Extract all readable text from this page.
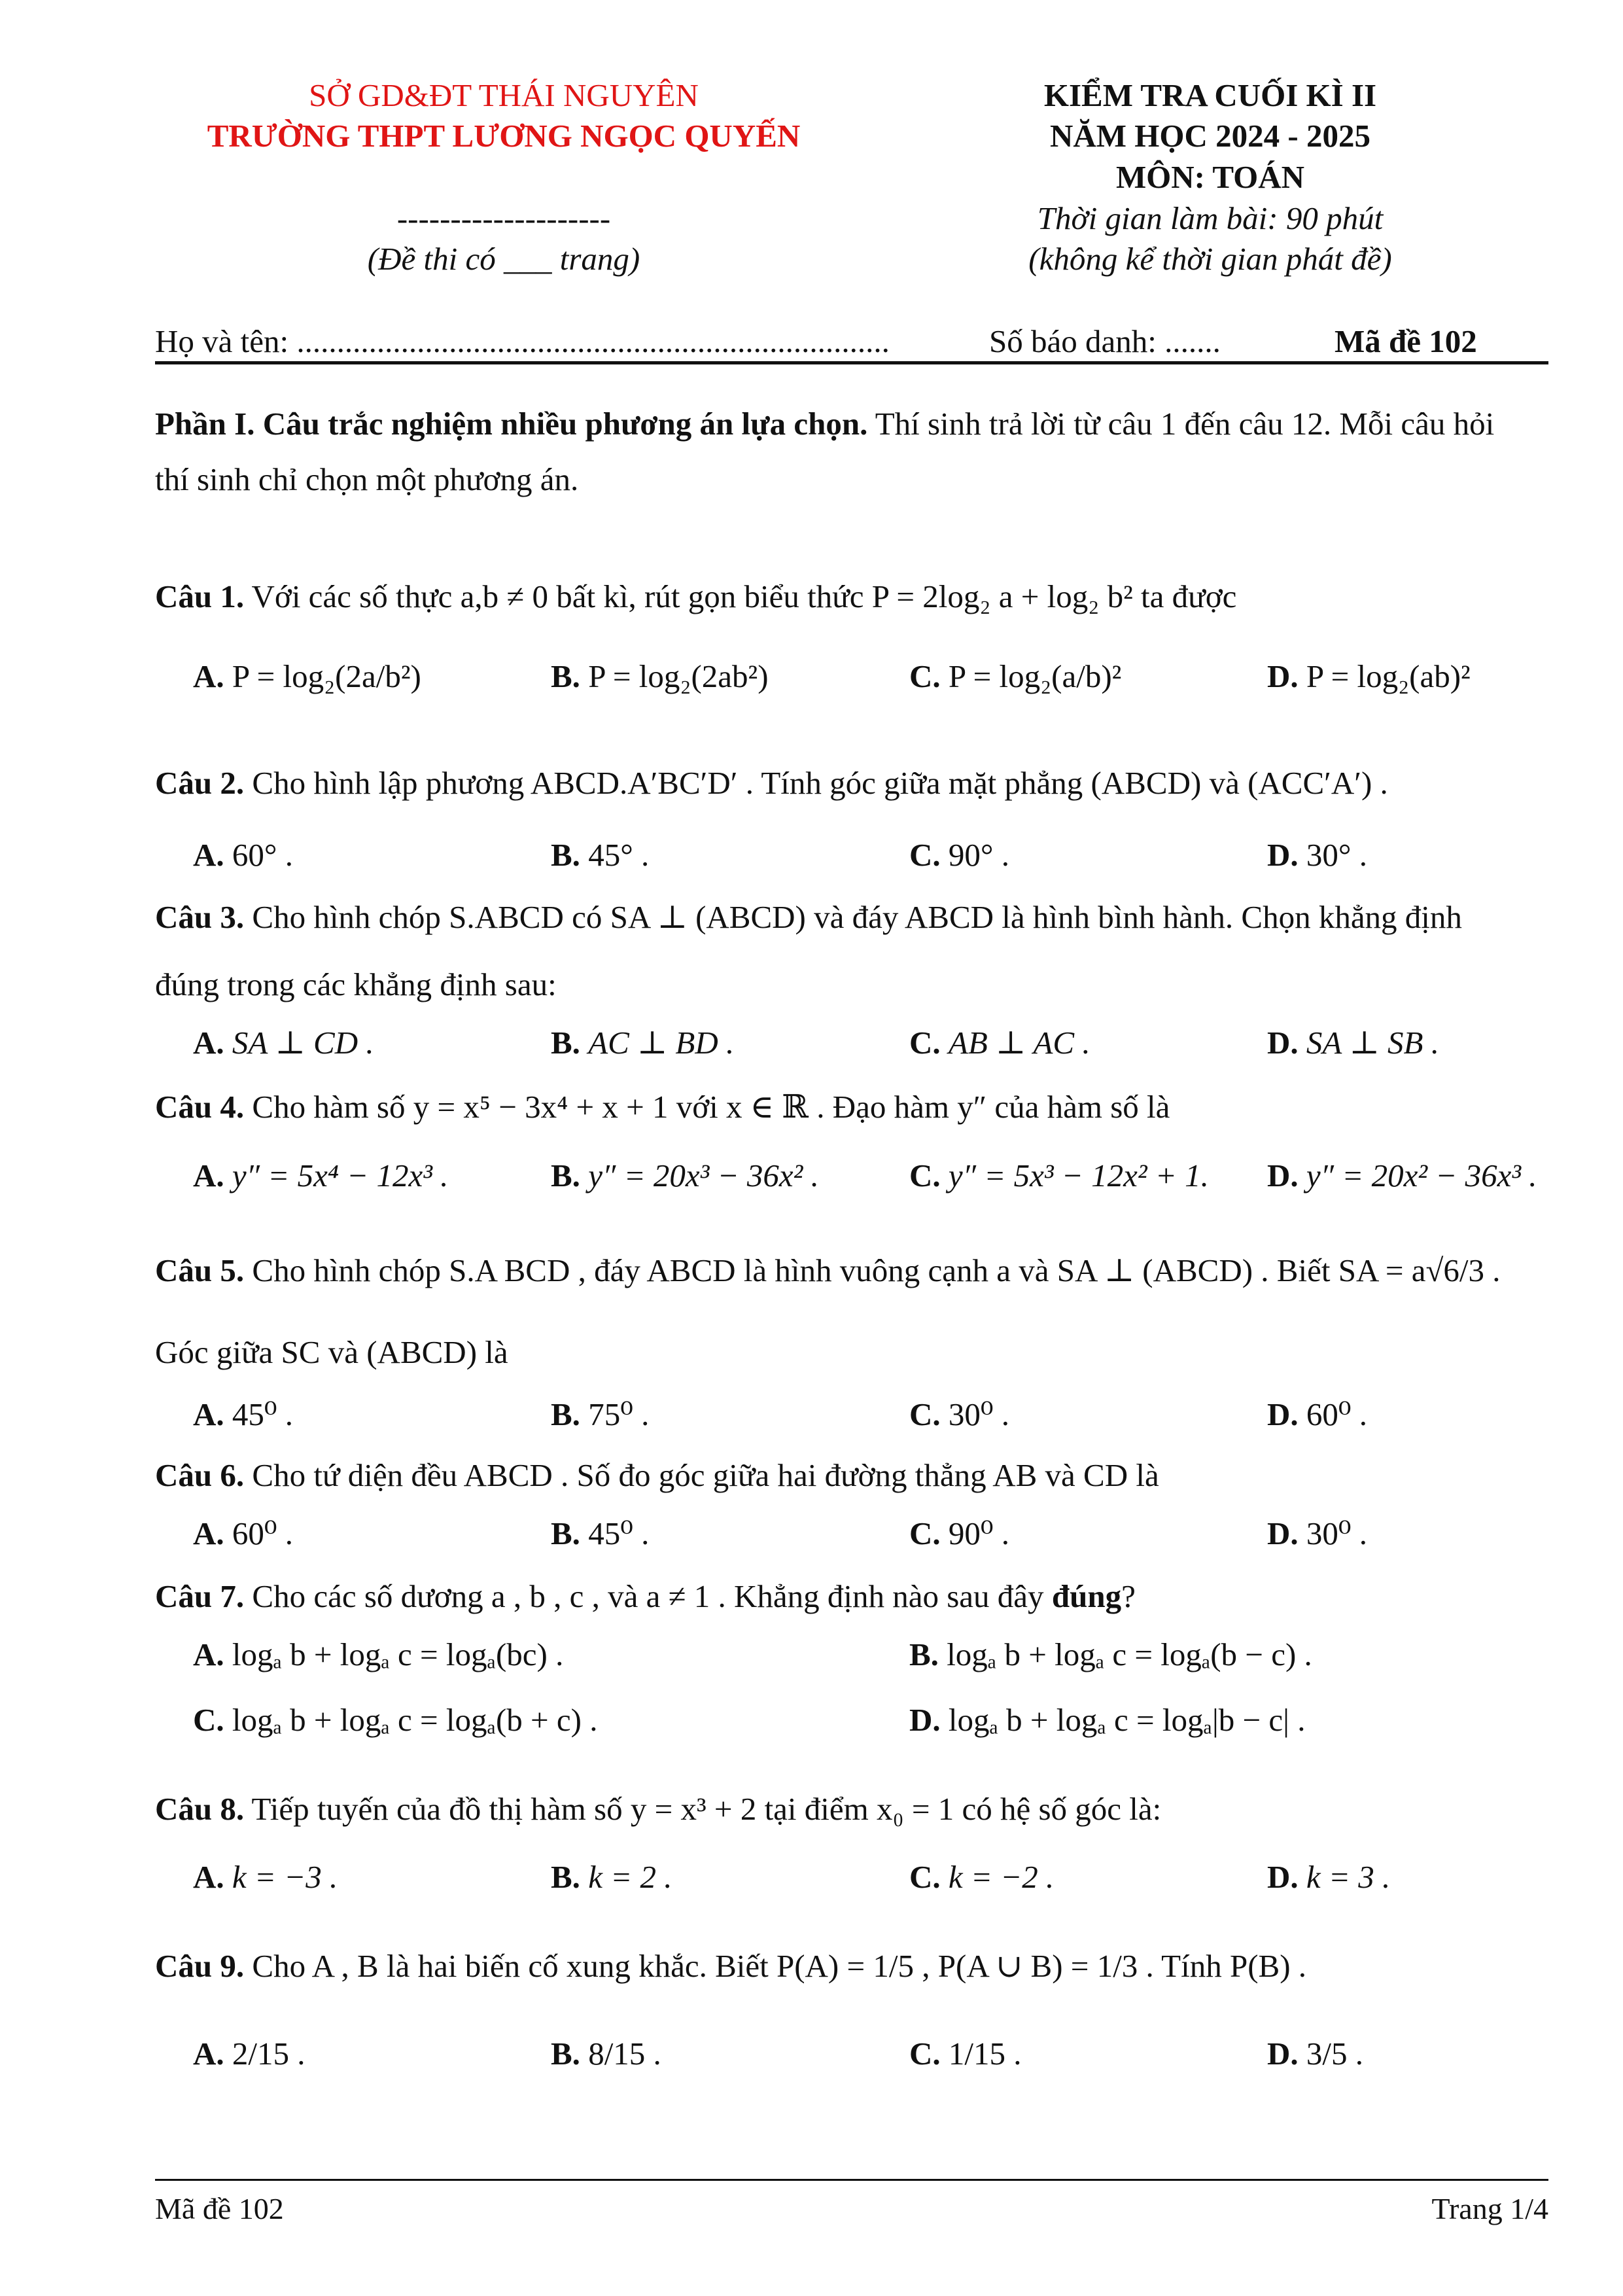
SỞ GD&ĐT THÁI NGUYÊN
TRƯỜNG THPT LƯƠNG NGỌC QUYẾN
--------------------
(Đề thi có ___ trang)
KIỂM TRA CUỐI KÌ II
NĂM HỌC 2024 - 2025
MÔN: TOÁN
Thời gian làm bài: 90 phút
(không kể thời gian phát đề)
Họ và tên: ..........................................................................	Số báo danh: .......	Mã đề 102
Phần I. Câu trắc nghiệm nhiều phương án lựa chọn. Thí sinh trả lời từ câu 1 đến câu 12. Mỗi câu hỏi
thí sinh chỉ chọn một phương án.
Câu 1. Với các số thực a,b ≠ 0 bất kì, rút gọn biểu thức P = 2log₂ a + log₂ b² ta được
A. P = log₂(2a/b²)	B. P = log₂(2ab²)	C. P = log₂(a/b)²	D. P = log₂(ab)²
Câu 2. Cho hình lập phương ABCD.A′BC′D′ . Tính góc giữa mặt phẳng (ABCD) và (ACC′A′) .
A. 60° .	B. 45° .	C. 90° .	D. 30° .
Câu 3. Cho hình chóp S.ABCD có SA ⊥ (ABCD) và đáy ABCD là hình bình hành. Chọn khẳng định
đúng trong các khẳng định sau:
A. SA ⊥ CD .	B. AC ⊥ BD .	C. AB ⊥ AC .	D. SA ⊥ SB .
Câu 4. Cho hàm số y = x⁵ − 3x⁴ + x + 1 với x ∈ ℝ . Đạo hàm y″ của hàm số là
A. y″ = 5x⁴ − 12x³ .	B. y″ = 20x³ − 36x² .	C. y″ = 5x³ − 12x² + 1. D. y″ = 20x² − 36x³ .
Câu 5. Cho hình chóp S.A BCD , đáy ABCD là hình vuông cạnh a và SA ⊥ (ABCD) . Biết SA = a√6/3 .
Góc giữa SC và (ABCD) là
A. 45⁰ .	B. 75⁰ .	C. 30⁰ .	D. 60⁰ .
Câu 6. Cho tứ diện đều ABCD . Số đo góc giữa hai đường thẳng AB và CD là
A. 60⁰ .	B. 45⁰ .	C. 90⁰ .	D. 30⁰ .
Câu 7. Cho các số dương a , b , c , và a ≠ 1 . Khẳng định nào sau đây đúng?
A. logₐ b + logₐ c = logₐ(bc) .	B. logₐ b + logₐ c = logₐ(b − c) .
C. logₐ b + logₐ c = logₐ(b + c) .	D. logₐ b + logₐ c = logₐ|b − c| .
Câu 8. Tiếp tuyến của đồ thị hàm số y = x³ + 2 tại điểm x₀ = 1 có hệ số góc là:
A. k = −3 .	B. k = 2 .	C. k = −2 .	D. k = 3 .
Câu 9. Cho A , B là hai biến cố xung khắc. Biết P(A) = 1/5 , P(A ∪ B) = 1/3 . Tính P(B) .
A. 2/15 .	B. 8/15 .	C. 1/15 .	D. 3/5 .
Mã đề 102	Trang 1/4
